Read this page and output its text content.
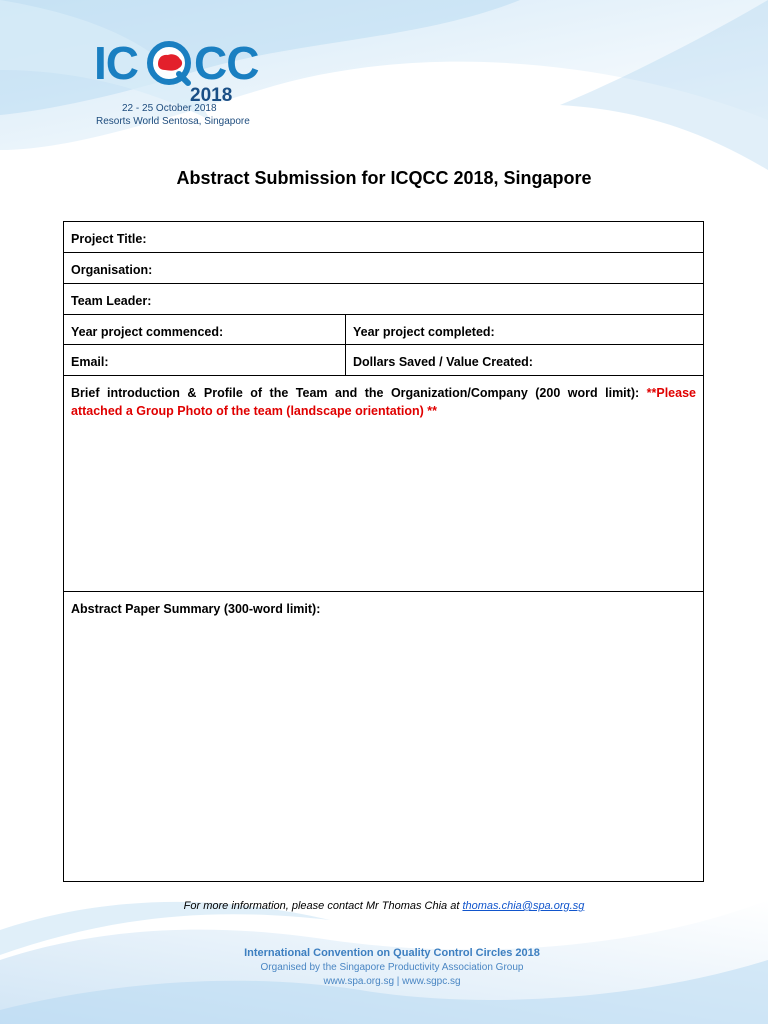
IC CC
2018
22 - 25 October 2018
Resorts World Sentosa, Singapore
Abstract Submission for ICQCC 2018, Singapore
Project Title:
Organisation:
Team Leader:
Year project commenced:	Year project completed:
Email:	Dollars Saved / Value Created:
Brief introduction & Profile of the Team and the Organization/Company (200 word limit): **Please attached a Group Photo of the team (landscape orientation) **
Abstract Paper Summary (300-word limit):
For more information, please contact Mr Thomas Chia at thomas.chia@spa.org.sg
International Convention on Quality Control Circles 2018
Organised by the Singapore Productivity Association Group
www.spa.org.sg | www.sgpc.sg
